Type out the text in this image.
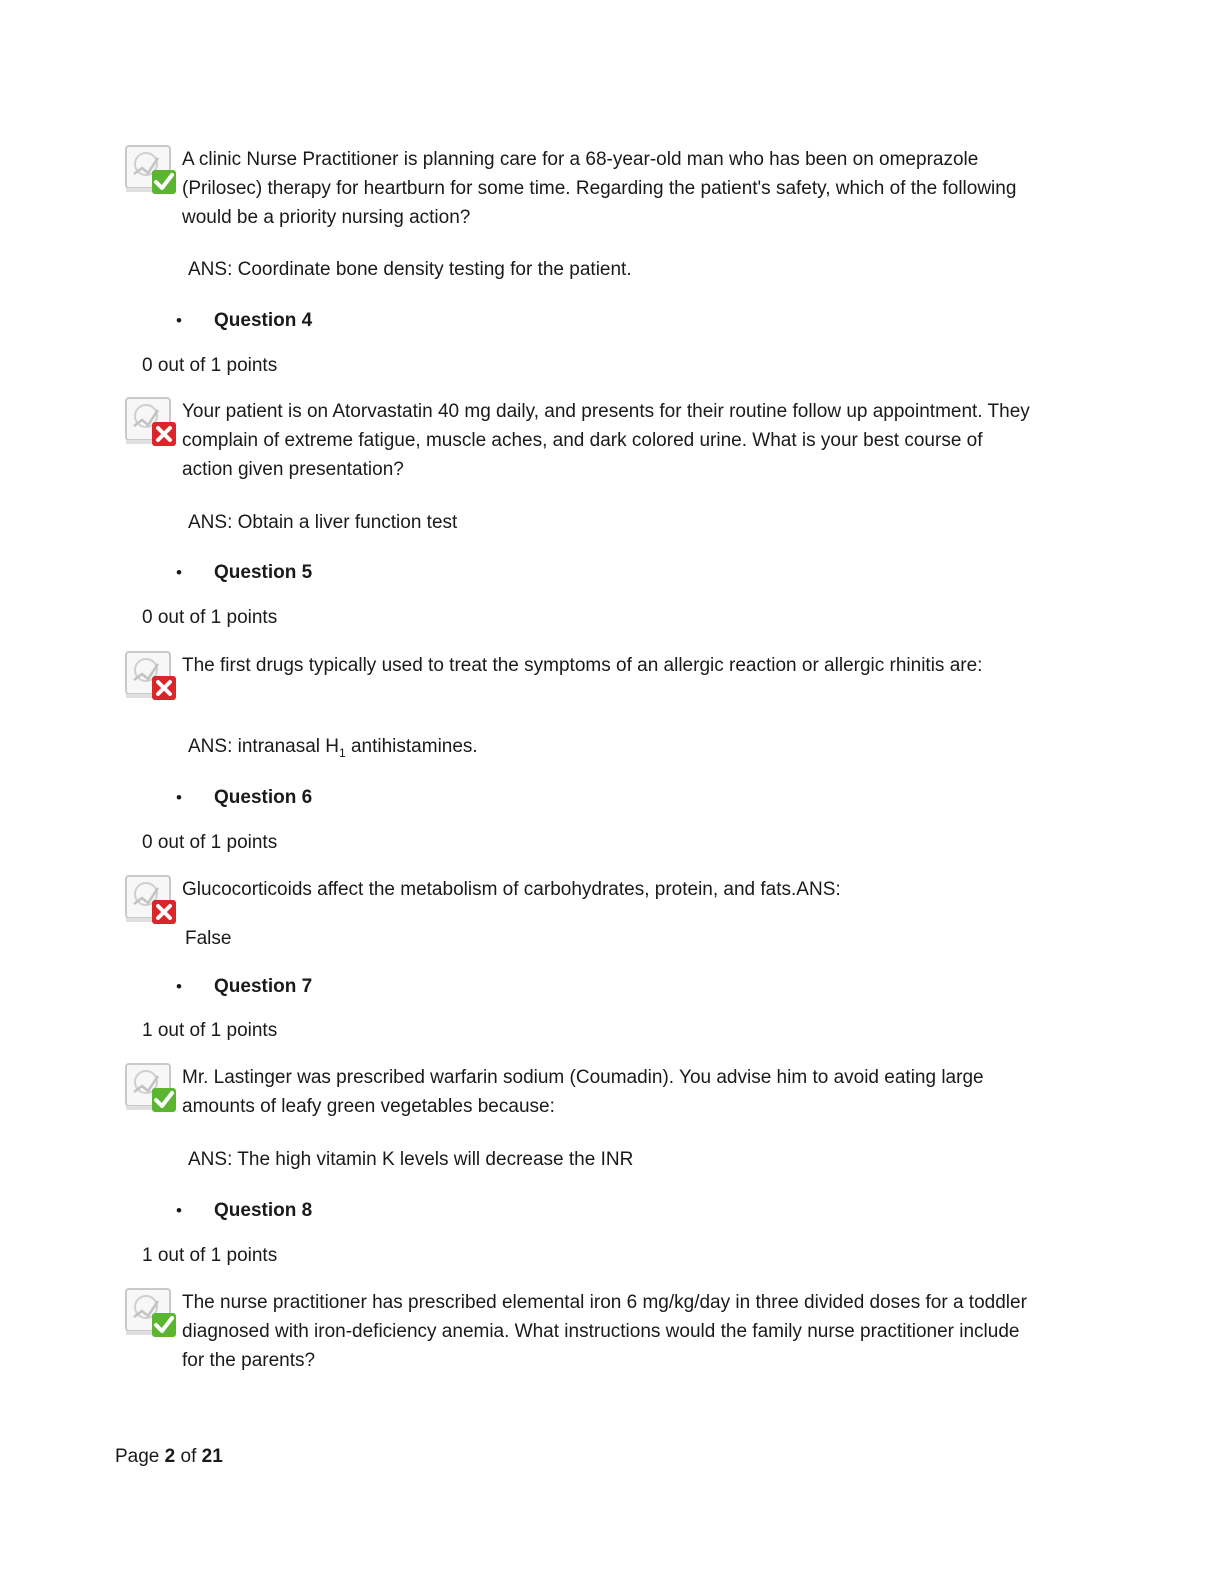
A clinic Nurse Practitioner is planning care for a 68-year-old man who has been on omeprazole (Prilosec) therapy for heartburn for some time. Regarding the patient's safety, which of the following would be a priority nursing action?
ANS: Coordinate bone density testing for the patient.
• Question 4
0 out of 1 points
Your patient is on Atorvastatin 40 mg daily, and presents for their routine follow up appointment. They complain of extreme fatigue, muscle aches, and dark colored urine. What is your best course of action given presentation?
ANS: Obtain a liver function test
• Question 5
0 out of 1 points
The first drugs typically used to treat the symptoms of an allergic reaction or allergic rhinitis are:
ANS: intranasal $H_1$ antihistamines.
• Question 6
0 out of 1 points
Glucocorticoids affect the metabolism of carbohydrates, protein, and fats.ANS:
False
• Question 7
1 out of 1 points
Mr. Lastinger was prescribed warfarin sodium (Coumadin). You advise him to avoid eating large amounts of leafy green vegetables because:
ANS: The high vitamin K levels will decrease the INR
• Question 8
1 out of 1 points
The nurse practitioner has prescribed elemental iron 6 mg/kg/day in three divided doses for a toddler diagnosed with iron-deficiency anemia. What instructions would the family nurse practitioner include for the parents?
Page 2 of 21
